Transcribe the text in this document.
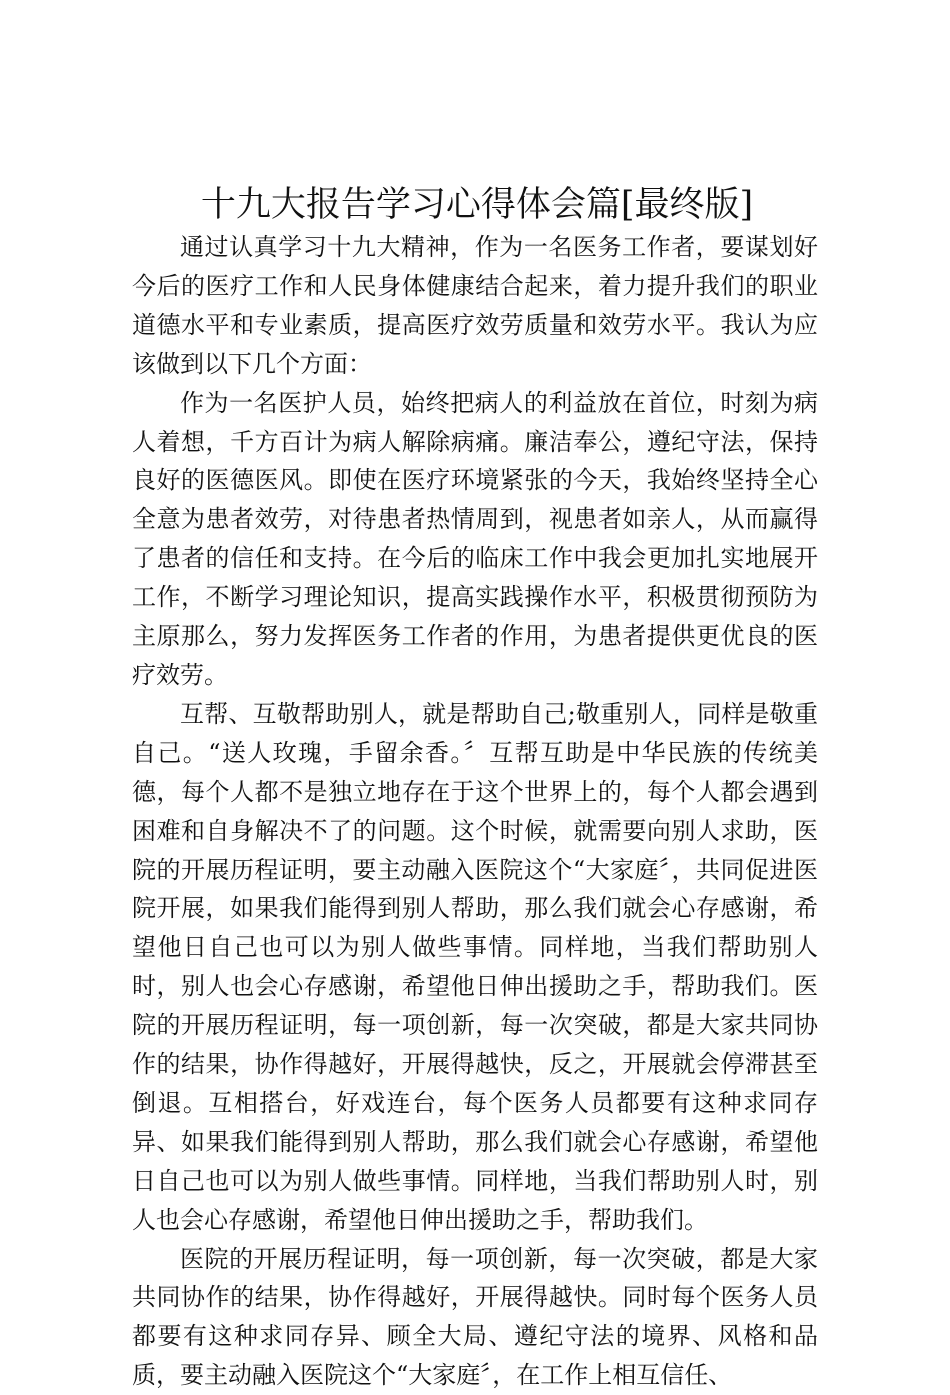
十九大报告学习心得体会篇[最终版]

通过认真学习十九大精神，作为一名医务工作者，要谋划好今后的医疗工作和人民身体健康结合起来，着力提升我们的职业道德水平和专业素质，提高医疗效劳质量和效劳水平。我认为应该做到以下几个方面：

作为一名医护人员，始终把病人的利益放在首位，时刻为病人着想，千方百计为病人解除病痛。廉洁奉公，遵纪守法，保持良好的医德医风。即使在医疗环境紧张的今天，我始终坚持全心全意为患者效劳，对待患者热情周到，视患者如亲人，从而赢得了患者的信任和支持。在今后的临床工作中我会更加扎实地展开工作，不断学习理论知识，提高实践操作水平，积极贯彻预防为主原那么，努力发挥医务工作者的作用，为患者提供更优良的医疗效劳。

互帮、互敬帮助别人，就是帮助自己;敬重别人，同样是敬重自己。“送人玫瑰，手留余香。〞互帮互助是中华民族的传统美德，每个人都不是独立地存在于这个世界上的，每个人都会遇到困难和自身解决不了的问题。这个时候，就需要向别人求助，医院的开展历程证明，要主动融入医院这个“大家庭〞，共同促进医院开展，如果我们能得到别人帮助，那么我们就会心存感谢，希望他日自己也可以为别人做些事情。同样地，当我们帮助别人时，别人也会心存感谢，希望他日伸出援助之手，帮助我们。医院的开展历程证明，每一项创新，每一次突破，都是大家共同协作的结果，协作得越好，开展得越快，反之，开展就会停滞甚至倒退。互相搭台，好戏连台，每个医务人员都要有这种求同存异、如果我们能得到别人帮助，那么我们就会心存感谢，希望他日自己也可以为别人做些事情。同样地，当我们帮助别人时，别人也会心存感谢，希望他日伸出援助之手，帮助我们。

医院的开展历程证明，每一项创新，每一次突破，都是大家共同协作的结果，协作得越好，开展得越快。同时每个医务人员都要有这种求同存异、顾全大局、遵纪守法的境界、风格和品质，要主动融入医院这个“大家庭〞，在工作上相互信任、
